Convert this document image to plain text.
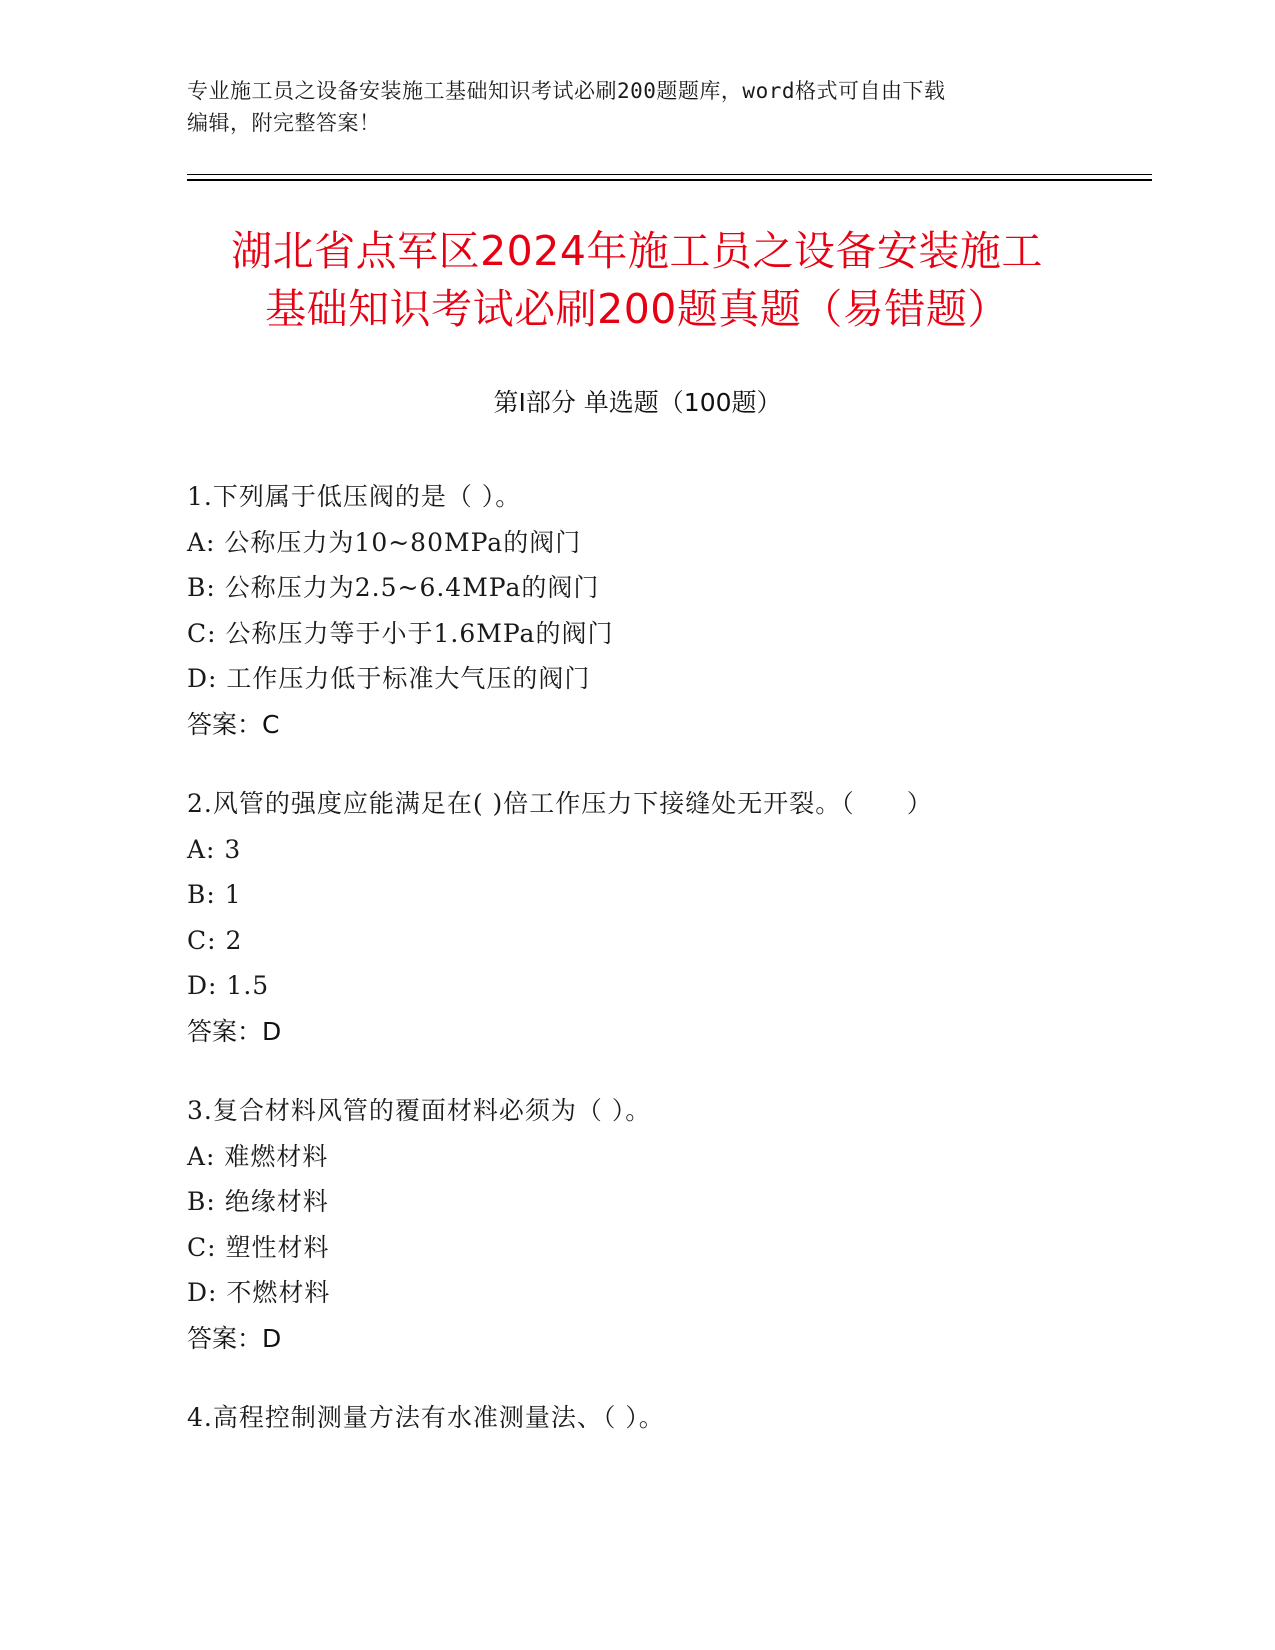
专业施工员之设备安装施工基础知识考试必刷200题题库，word格式可自由下载
编辑，附完整答案！
湖北省点军区2024年施工员之设备安装施工
基础知识考试必刷200题真题（易错题）
第Ⅰ部分 单选题（100题）
1.下列属于低压阀的是（ ）。
A: 公称压力为10~80MPa的阀门
B: 公称压力为2.5~6.4MPa的阀门
C: 公称压力等于小于1.6MPa的阀门
D: 工作压力低于标准大气压的阀门
答案：C
2.风管的强度应能满足在( )倍工作压力下接缝处无开裂。（　　）
A: 3
B: 1
C: 2
D: 1.5
答案：D
3.复合材料风管的覆面材料必须为（ ）。
A: 难燃材料
B: 绝缘材料
C: 塑性材料
D: 不燃材料
答案：D
4.高程控制测量方法有水准测量法、（ ）。
